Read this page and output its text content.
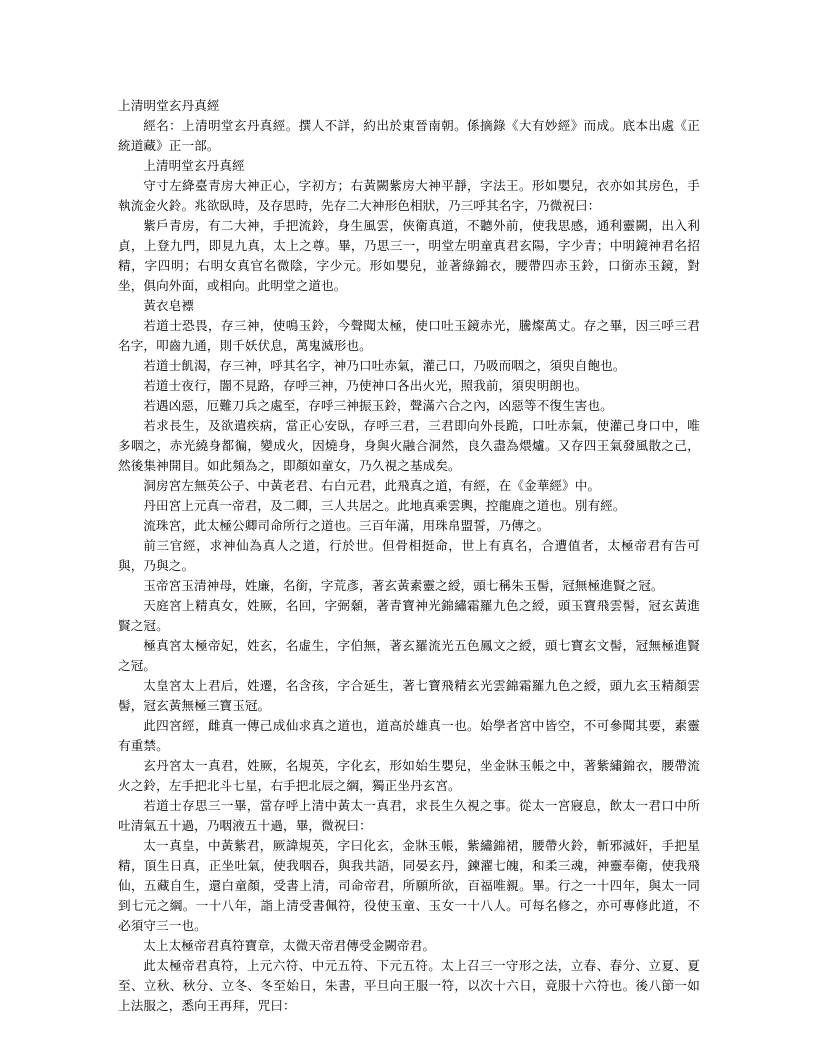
上清明堂玄丹真經
經名：上清明堂玄丹真經。撰人不詳，約出於東晉南朝。係摘錄《大有妙經》而成。底本出處《正統道藏》正一部。
上清明堂玄丹真經
守寸左絳臺青房大神正心，字初方；右黃闕紫房大神平靜，字法王。形如嬰兒，衣亦如其房色，手執流金火鈴。兆欲臥時，及存思時，先存二大神形色相狀，乃三呼其名字，乃微祝曰：
紫戶青房，有二大神，手把流鈴，身生風雲，俠衛真道，不聽外前，使我思感，通利靈闕，出入利貞，上登九門，即見九真，太上之尊。畢，乃思三一，明堂左明童真君玄陽，字少青；中明鏡神君名招精，字四明；右明女真官名微陰，字少元。形如嬰兒，並著綠錦衣，腰帶四赤玉鈴，口銜赤玉鏡，對坐，俱向外面，或相向。此明堂之道也。
黃衣皂褾
若道士恐畏，存三神，使鳴玉鈴，今聲聞太極，使口吐玉鏡赤光，騰燦萬丈。存之畢，因三呼三君名字，叩齒九通，則千妖伏息，萬鬼滅形也。
若道士飢渴，存三神，呼其名字，神乃口吐赤氣，灌己口，乃吸而咽之，須臾自飽也。
若道士夜行，闇不見路，存呼三神，乃使神口各出火光，照我前，須臾明朗也。
若遇凶惡，厄難刀兵之處至，存呼三神振玉鈴，聲滿六合之內，凶惡等不復生害也。
若求長生，及欲遣疾病，當正心安臥，存呼三君，三君即向外長跪，口吐赤氣，使灌己身口中，唯多咽之，赤光繞身都徧，變成火，因燒身，身與火融合洞然，良久盡為煨爐。又存四王氣發風散之己，然後集神開目。如此頻為之，即顏如童女，乃久視之基成矣。
洞房宮左無英公子、中黃老君、右白元君，此飛真之道，有經，在《金華經》中。
丹田宮上元真一帝君，及二卿，三人共居之。此地真乘雲輿，控龍鹿之道也。別有經。
流珠宮，此太極公卿司命所行之道也。三百年滿，用珠帛盟誓，乃傳之。
前三官經，求神仙為真人之道，行於世。但骨相挺命，世上有真名，合遭值者，太極帝君有告可與，乃與之。
玉帝宮玉清神母，姓廉，名銜，字荒彥，著玄黃素靈之綬，頭七稱朱玉髻，冠無極進賢之冠。
天庭宮上精真女，姓厥，名回，字弼顙，著青寶神光錦繡霜羅九色之綬，頭玉寶飛雲髻，冠玄黃進賢之冠。
極真宮太極帝妃，姓玄，名虛生，字伯無，著玄羅流光五色鳳文之綬，頭七寶玄文髻，冠無極進賢之冠。
太皇宮太上君后，姓遷，名含孩，字合延生，著七寶飛精玄光雲錦霜羅九色之綬，頭九玄玉精顏雲髻，冠玄黃無極三寶玉冠。
此四宮經，雌真一傳己成仙求真之道也，道高於雄真一也。始學者宮中皆空，不可參聞其要，素靈有重禁。
玄丹宮太一真君，姓厥，名規英，字化玄，形如始生嬰兒，坐金牀玉帳之中，著紫繡錦衣，腰帶流火之鈴，左手把北斗七星，右手把北辰之綱，獨正坐丹玄宮。
若道士存思三一畢，當存呼上清中黃太一真君，求長生久視之事。從太一宮寢息，飲太一君口中所吐清氣五十過，乃咽液五十過，畢，微祝曰：
太一真皇，中黃紫君，厥諱規英，字曰化玄，金牀玉帳，紫繡錦裙，腰帶火鈴，斬邪滅奸，手把星精，頂生日真，正坐吐氣，使我咽吞，與我共語，同晏玄丹，鍊濯七魄，和柔三魂，神靈奉衛，使我飛仙，五藏自生，還白童顏，受書上清，司命帝君，所願所欲，百福唯親。畢。行之一十四年，與太一同到七元之綱。一十八年，詣上清受書佩符，役使玉童、玉女一十八人。可每名修之，亦可專修此道，不必須守三一也。
太上太極帝君真符寶章，太微天帝君傳受金闕帝君。
此太極帝君真符，上元六符、中元五符、下元五符。太上召三一守形之法，立春、春分、立夏、夏至、立秋、秋分、立冬、冬至始日，朱書，平旦向王服一符，以次十六日，竟服十六符也。後八節一如上法服之，悉向王再拜，咒曰：
